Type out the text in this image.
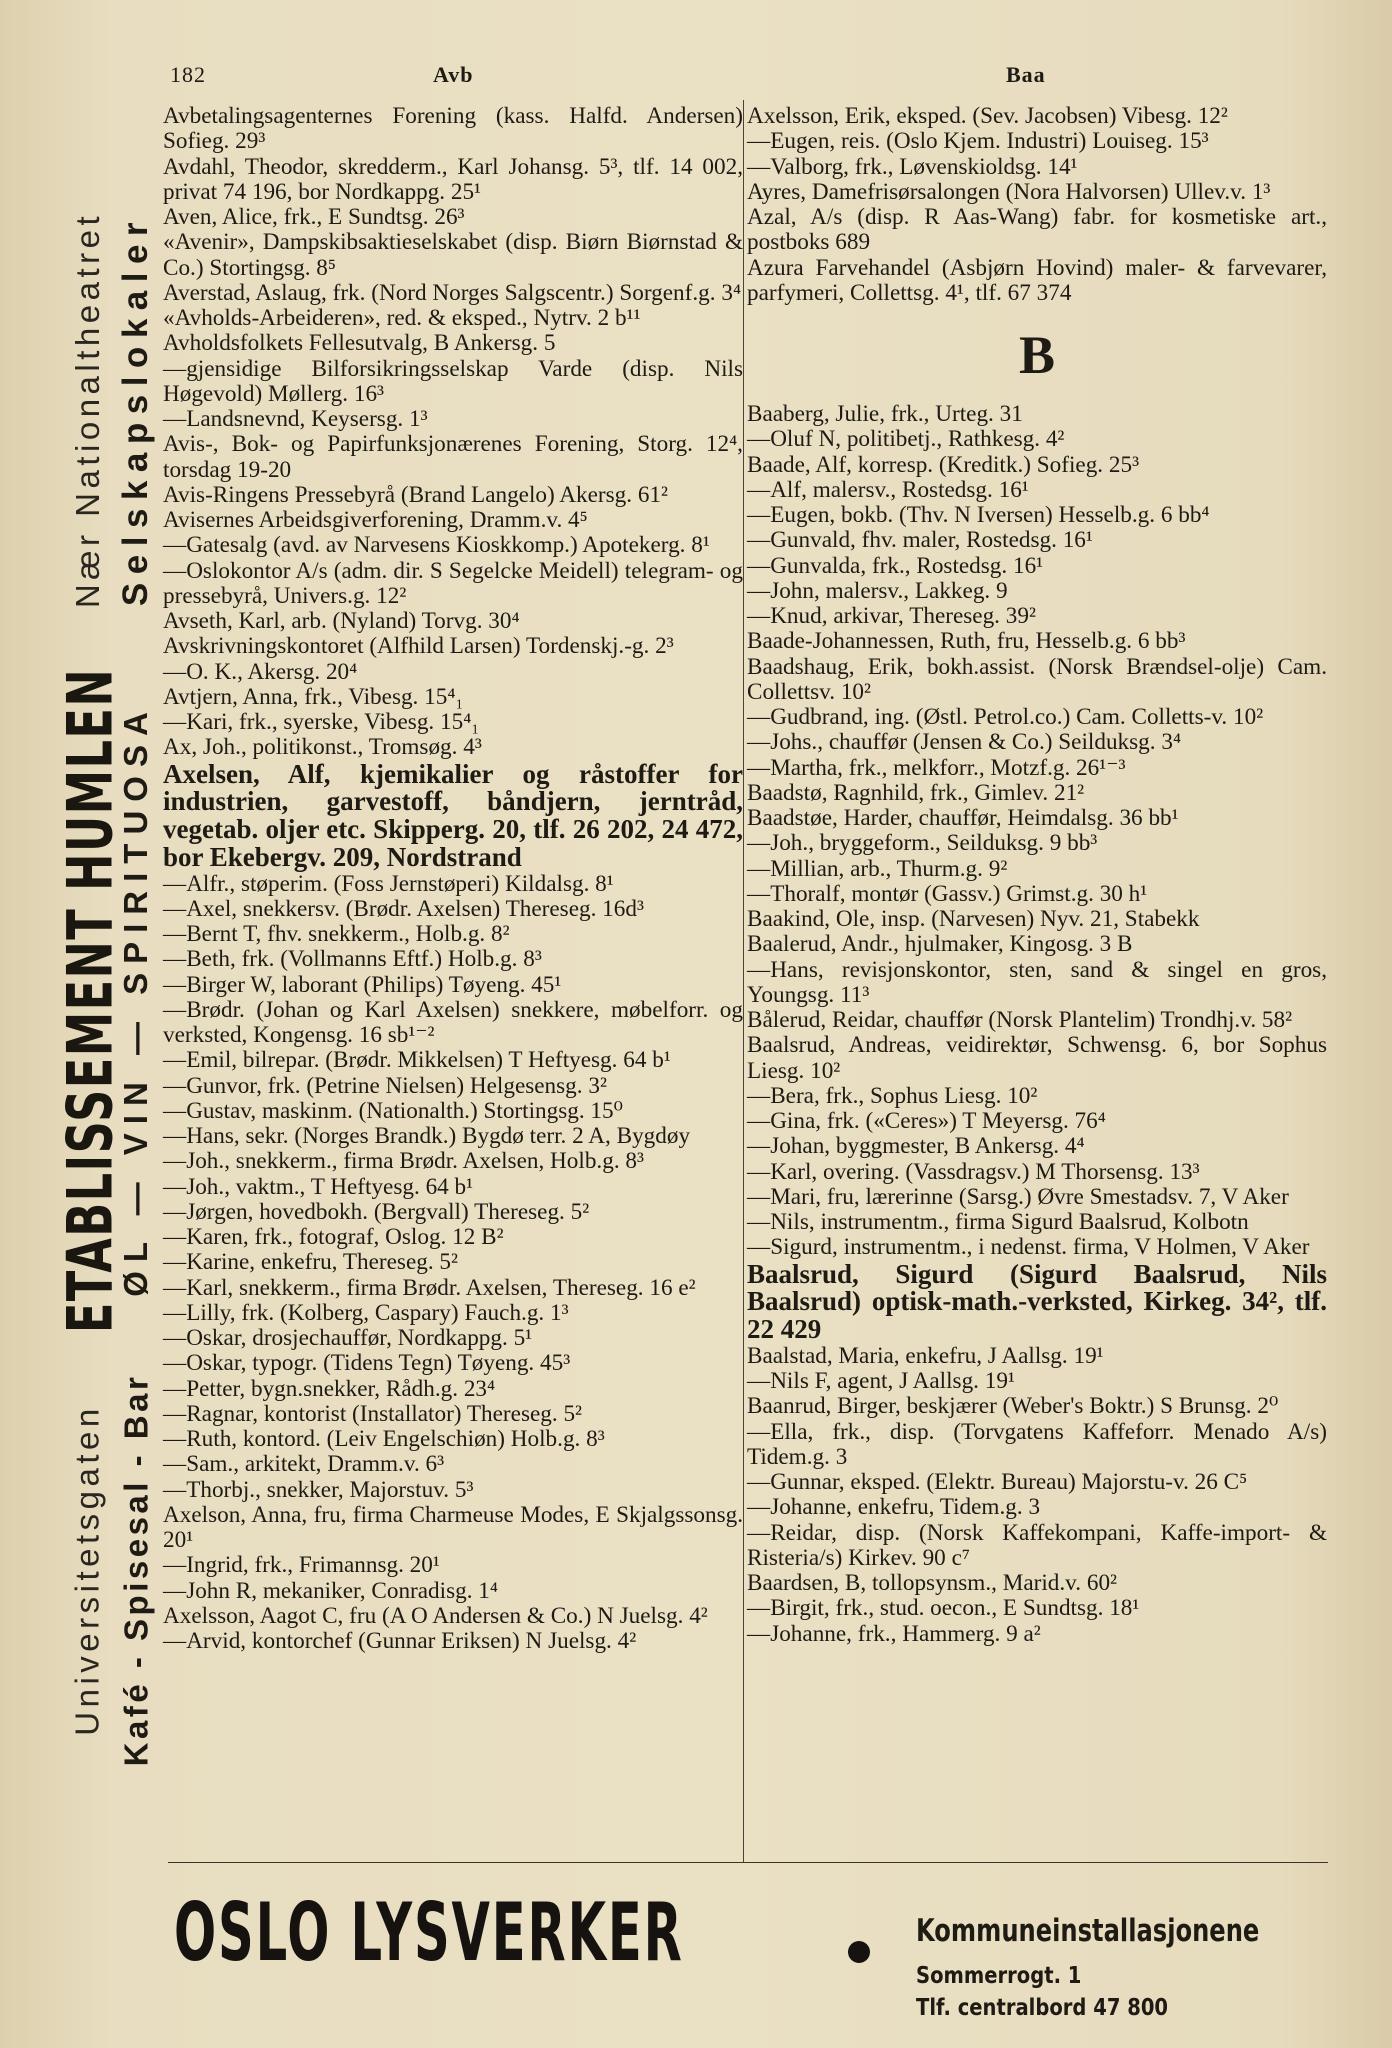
182	Avb	Baa
Nær Nationaltheatret Selskapslokaler
ETABLISSEMENT HUMLEN
ØL — VIN — SPIRITUOSA
Universitetsgaten Kafé - Spisesal - Bar

Avbetalingsagenternes Forening (kass. Halfd. Andersen) Sofieg. 29³

Avdahl, Theodor, skredderm., Karl Johansg. 5³, tlf. 14 002, privat 74 196, bor Nordkappg. 25¹

Aven, Alice, frk., E Sundtsg. 26³

«Avenir», Dampskibsaktieselskabet (disp. Biørn Biørnstad & Co.) Stortingsg. 8⁵

Averstad, Aslaug, frk. (Nord Norges Salgscentr.) Sorgenf.g. 3⁴

«Avholds-Arbeideren», red. & eksped., Nytrv. 2 b¹¹

Avholdsfolkets Fellesutvalg, B Ankersg. 5

—gjensidige Bilforsikringsselskap Varde (disp. Nils Høgevold) Møllerg. 16³

—Landsnevnd, Keysersg. 1³

Avis-, Bok- og Papirfunksjonærenes Forening, Storg. 12⁴, torsdag 19-20

Avis-Ringens Pressebyrå (Brand Langelo) Akersg. 61²

Avisernes Arbeidsgiverforening, Dramm.v. 4⁵

—Gatesalg (avd. av Narvesens Kioskkomp.) Apotekerg. 8¹

—Oslokontor A/s (adm. dir. S Segelcke Meidell) telegram- og pressebyrå, Univers.g. 12²

Avseth, Karl, arb. (Nyland) Torvg. 30⁴

Avskrivningskontoret (Alfhild Larsen) Tordenskj.-g. 2³

—O. K., Akersg. 20⁴

Avtjern, Anna, frk., Vibesg. 15⁴₁

—Kari, frk., syerske, Vibesg. 15⁴₁

Ax, Joh., politikonst., Tromsøg. 4³

Axelsen, Alf, kjemikalier og råstoffer for industrien, garvestoff, båndjern, jerntråd, vegetab. oljer etc. Skipperg. 20, tlf. 26 202, 24 472, bor Ekebergv. 209, Nordstrand

—Alfr., støperim. (Foss Jernstøperi) Kildalsg. 8¹

—Axel, snekkersv. (Brødr. Axelsen) Thereseg. 16d³

—Bernt T, fhv. snekkerm., Holb.g. 8²

—Beth, frk. (Vollmanns Eftf.) Holb.g. 8³

—Birger W, laborant (Philips) Tøyeng. 45¹

—Brødr. (Johan og Karl Axelsen) snekkere, møbelforr. og verksted, Kongensg. 16 sb¹⁻²

—Emil, bilrepar. (Brødr. Mikkelsen) T Heftyesg. 64 b¹

—Gunvor, frk. (Petrine Nielsen) Helgesensg. 3²

—Gustav, maskinm. (Nationalth.) Stortingsg. 15⁰

—Hans, sekr. (Norges Brandk.) Bygdø terr. 2 A, Bygdøy

—Joh., snekkerm., firma Brødr. Axelsen, Holb.g. 8³

—Joh., vaktm., T Heftyesg. 64 b¹

—Jørgen, hovedbokh. (Bergvall) Thereseg. 5²

—Karen, frk., fotograf, Oslog. 12 B²

—Karine, enkefru, Thereseg. 5²

—Karl, snekkerm., firma Brødr. Axelsen, Thereseg. 16 e²

—Lilly, frk. (Kolberg, Caspary) Fauch.g. 1³

—Oskar, drosjechauffør, Nordkappg. 5¹

—Oskar, typogr. (Tidens Tegn) Tøyeng. 45³

—Petter, bygn.snekker, Rådh.g. 23⁴

—Ragnar, kontorist (Installator) Thereseg. 5²

—Ruth, kontord. (Leiv Engelschiøn) Holb.g. 8³

—Sam., arkitekt, Dramm.v. 6³

—Thorbj., snekker, Majorstuv. 5³

Axelson, Anna, fru, firma Charmeuse Modes, E Skjalgssonsg. 20¹

—Ingrid, frk., Frimannsg. 20¹

—John R, mekaniker, Conradisg. 1⁴

Axelsson, Aagot C, fru (A O Andersen & Co.) N Juelsg. 4²

—Arvid, kontorchef (Gunnar Eriksen) N Juelsg. 4²

Axelsson, Erik, eksped. (Sev. Jacobsen) Vibesg. 12²

—Eugen, reis. (Oslo Kjem. Industri) Louiseg. 15³

—Valborg, frk., Løvenskioldsg. 14¹

Ayres, Damefrisørsalongen (Nora Halvorsen) Ullev.v. 1³

Azal, A/s (disp. R Aas-Wang) fabr. for kosmetiske art., postboks 689

Azura Farvehandel (Asbjørn Hovind) maler- & farvevarer, parfymeri, Collettsg. 4¹, tlf. 67 374

B

Baaberg, Julie, frk., Urteg. 31

—Oluf N, politibetj., Rathkesg. 4²

Baade, Alf, korresp. (Kreditk.) Sofieg. 25³

—Alf, malersv., Rostedsg. 16¹

—Eugen, bokb. (Thv. N Iversen) Hesselb.g. 6 bb⁴

—Gunvald, fhv. maler, Rostedsg. 16¹

—Gunvalda, frk., Rostedsg. 16¹

—John, malersv., Lakkeg. 9

—Knud, arkivar, Thereseg. 39²

Baade-Johannessen, Ruth, fru, Hesselb.g. 6 bb³

Baadshaug, Erik, bokh.assist. (Norsk Brændsel-olje) Cam. Collettsv. 10²

—Gudbrand, ing. (Østl. Petrol.co.) Cam. Colletts-v. 10²

—Johs., chauffør (Jensen & Co.) Seilduksg. 3⁴

—Martha, frk., melkforr., Motzf.g. 26¹⁻³

Baadstø, Ragnhild, frk., Gimlev. 21²

Baadstøe, Harder, chauffør, Heimdalsg. 36 bb¹

—Joh., bryggeform., Seilduksg. 9 bb³

—Millian, arb., Thurm.g. 9²

—Thoralf, montør (Gassv.) Grimst.g. 30 h¹

Baakind, Ole, insp. (Narvesen) Nyv. 21, Stabekk

Baalerud, Andr., hjulmaker, Kingosg. 3 B

—Hans, revisjonskontor, sten, sand & singel en gros, Youngsg. 11³

Bålerud, Reidar, chauffør (Norsk Plantelim) Trondhj.v. 58²

Baalsrud, Andreas, veidirektør, Schwensg. 6, bor Sophus Liesg. 10²

—Bera, frk., Sophus Liesg. 10²

—Gina, frk. («Ceres») T Meyersg. 76⁴

—Johan, byggmester, B Ankersg. 4⁴

—Karl, overing. (Vassdragsv.) M Thorsensg. 13³

—Mari, fru, lærerinne (Sarsg.) Øvre Smestadsv. 7, V Aker

—Nils, instrumentm., firma Sigurd Baalsrud, Kolbotn

—Sigurd, instrumentm., i nedenst. firma, V Holmen, V Aker

Baalsrud, Sigurd (Sigurd Baalsrud, Nils Baalsrud) optisk-math.-verksted, Kirkeg. 34², tlf. 22 429

Baalstad, Maria, enkefru, J Aallsg. 19¹

—Nils F, agent, J Aallsg. 19¹

Baanrud, Birger, beskjærer (Weber's Boktr.) S Brunsg. 2⁰

—Ella, frk., disp. (Torvgatens Kaffeforr. Menado A/s) Tidem.g. 3

—Gunnar, eksped. (Elektr. Bureau) Majorstu-v. 26 C⁵

—Johanne, enkefru, Tidem.g. 3

—Reidar, disp. (Norsk Kaffekompani, Kaffe-import- & Risteria/s) Kirkev. 90 c⁷

Baardsen, B, tollopsynsm., Marid.v. 60²

—Birgit, frk., stud. oecon., E Sundtsg. 18¹

—Johanne, frk., Hammerg. 9 a²

OSLO LYSVERKER	Kommuneinstallasjonene
Sommerrogt. 1
Tlf. centralbord 47 800
